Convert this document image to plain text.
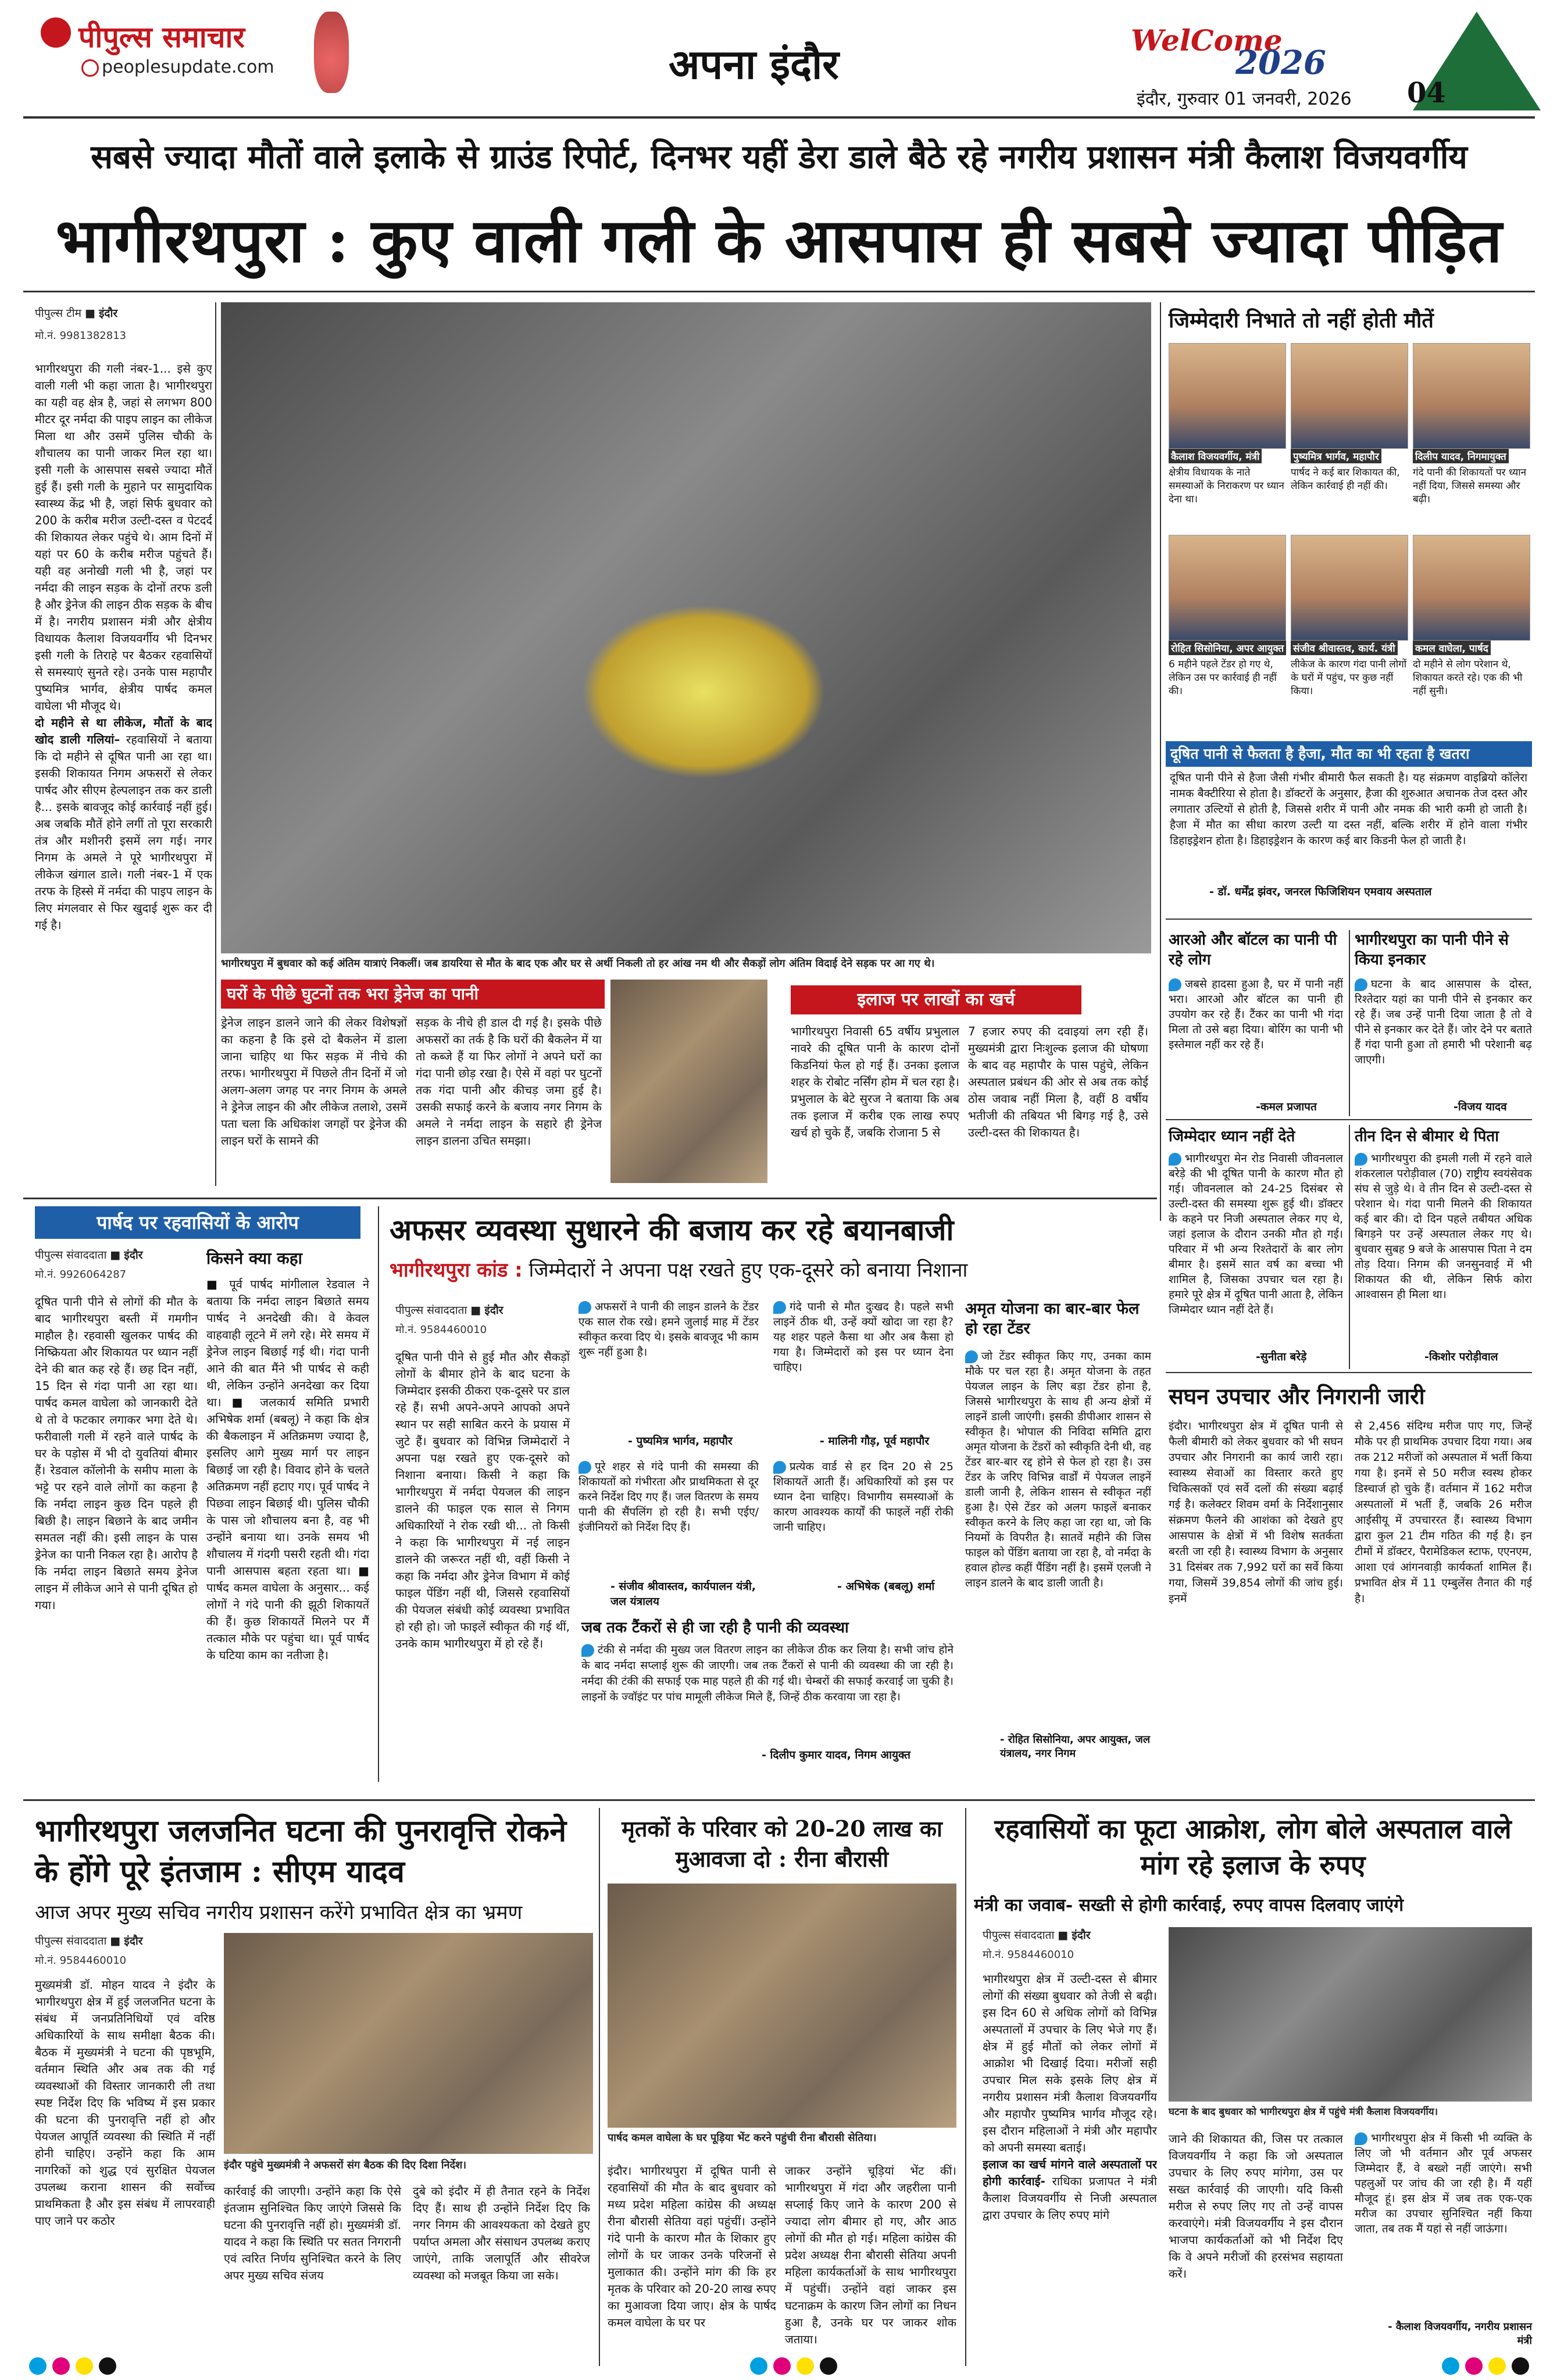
पीपुल्स समाचार
peoplesupdate.com	अपना इंदौर	WelCome
2026
इंदौर, गुरुवार 01 जनवरी, 2026 04
सबसे ज्यादा मौतों वाले इलाके से ग्राउंड रिपोर्ट, दिनभर यहीं डेरा डाले बैठे रहे नगरीय प्रशासन मंत्री कैलाश विजयवर्गीय
भागीरथपुरा : कुए वाली गली के आसपास ही सबसे ज्यादा पीड़ित
पीपुल्स टीम ■ इंदौर
मो.नं. 9981382813
भागीरथपुरा की गली नंबर-1... इसे कुए वाली गली भी कहा जाता है। भागीरथपुरा का यही वह क्षेत्र है, जहां से लगभग 800 मीटर दूर नर्मदा की पाइप लाइन का लीकेज मिला था और उसमें पुलिस चौकी के शौचालय का पानी जाकर मिल रहा था। इसी गली के आसपास सबसे ज्यादा मौतें हुई हैं। इसी गली के मुहाने पर सामुदायिक स्वास्थ्य केंद्र भी है, जहां सिर्फ बुधवार को 200 के करीब मरीज उल्टी-दस्त व पेटदर्द की शिकायत लेकर पहुंचे थे। आम दिनों में यहां पर 60 के करीब मरीज पहुंचते हैं। यही वह अनोखी गली भी है, जहां पर नर्मदा की लाइन सड़क के दोनों तरफ डली है और ड्रेनेज की लाइन ठीक सड़क के बीच में है। नगरीय प्रशासन मंत्री और क्षेत्रीय विधायक कैलाश विजयवर्गीय भी दिनभर इसी गली के तिराहे पर बैठकर रहवासियों से समस्याएं सुनते रहे। उनके पास महापौर पुष्यमित्र भार्गव, क्षेत्रीय पार्षद कमल वाघेला भी मौजूद थे।
दो महीने से था लीकेज, मौतों के बाद खोद डाली गलियां– रहवासियों ने बताया कि दो महीने से दूषित पानी आ रहा था। इसकी शिकायत निगम अफसरों से लेकर पार्षद और सीएम हेल्पलाइन तक कर डाली है... इसके बावजूद कोई कार्रवाई नहीं हुई। अब जबकि मौतें होने लगीं तो पूरा सरकारी तंत्र और मशीनरी इसमें लग गई। नगर निगम के अमले ने पूरे भागीरथपुरा में लीकेज खंगाल डाले। गली नंबर-1 में एक तरफ के हिस्से में नर्मदा की पाइप लाइन के लिए मंगलवार से फिर खुदाई शुरू कर दी गई है।
भागीरथपुरा में बुधवार को कई अंतिम यात्राएं निकलीं। जब डायरिया से मौत के बाद एक और घर से अर्थी निकली तो हर आंख नम थी और सैकड़ों लोग अंतिम विदाई देने सड़क पर आ गए थे।
घरों के पीछे घुटनों तक भरा ड्रेनेज का पानी
ड्रेनेज लाइन डालने जाने की लेकर विशेषज्ञों का कहना है कि इसे दो बैकलेन में डाला जाना चाहिए था फिर सड़क में नीचे की तरफ। भागीरथपुरा में पिछले तीन दिनों में जो अलग-अलग जगह पर नगर निगम के अमले ने ड्रेनेज लाइन की और लीकेज तलाशे, उसमें पता चला कि अधिकांश जगहों पर ड्रेनेज की लाइन घरों के सामने की
सड़क के नीचे ही डाल दी गई है। इसके पीछे अफसरों का तर्क है कि घरों की बैकलेन में या तो कब्जे हैं या फिर लोगों ने अपने घरों का गंदा पानी छोड़ रखा है। ऐसे में वहां पर घुटनों तक गंदा पानी और कीचड़ जमा हुई है। उसकी सफाई करने के बजाय नगर निगम के अमले ने नर्मदा लाइन के सहारे ही ड्रेनेज लाइन डालना उचित समझा।
इलाज पर लाखों का खर्च
भागीरथपुरा निवासी 65 वर्षीय प्रभुलाल नावरे की दूषित पानी के कारण दोनों किडनियां फेल हो गई हैं। उनका इलाज शहर के रोबोट नर्सिंग होम में चल रहा है। प्रभुलाल के बेटे सुरज ने बताया कि अब तक इलाज में करीब एक लाख रुपए खर्च हो चुके हैं, जबकि रोजाना 5 से
7 हजार रुपए की दवाइयां लग रही हैं। मुख्यमंत्री द्वारा निःशुल्क इलाज की घोषणा के बाद वह महापौर के पास पहुंचे, लेकिन अस्पताल प्रबंधन की ओर से अब तक कोई ठोस जवाब नहीं मिला है, वहीं 8 वर्षीय भतीजी की तबियत भी बिगड़ गई है, उसे उल्टी-दस्त की शिकायत है।
जिम्मेदारी निभाते तो नहीं होती मौतें
कैलाश विजयवर्गीय, मंत्री
क्षेत्रीय विधायक के नाते समस्याओं के निराकरण पर ध्यान देना था।
पुष्यमित्र भार्गव, महापौर
पार्षद ने कई बार शिकायत की, लेकिन कार्रवाई ही नहीं की।
दिलीप यादव, निगमायुक्त
गंदे पानी की शिकायतों पर ध्यान नहीं दिया, जिससे समस्या और बढ़ी।
रोहित सिसोनिया, अपर आयुक्त
6 महीने पहले टेंडर हो गए थे, लेकिन उस पर कार्रवाई ही नहीं की।
संजीव श्रीवास्तव, कार्य. यंत्री
लीकेज के कारण गंदा पानी लोगों के घरों में पहुंच, पर कुछ नहीं किया।
कमल वाघेला, पार्षद
दो महीने से लोग परेशान थे, शिकायत करते रहे। एक की भी नहीं सुनी।
दूषित पानी से फैलता है हैजा, मौत का भी रहता है खतरा
दूषित पानी पीने से हैजा जैसी गंभीर बीमारी फैल सकती है। यह संक्रमण वाइब्रियो कॉलेरा नामक बैक्टीरिया से होता है। डॉक्टरों के अनुसार, हैजा की शुरुआत अचानक तेज दस्त और लगातार उल्टियों से होती है, जिससे शरीर में पानी और नमक की भारी कमी हो जाती है। हैजा में मौत का सीधा कारण उल्टी या दस्त नहीं, बल्कि शरीर में होने वाला गंभीर डिहाइड्रेशन होता है। डिहाइड्रेशन के कारण कई बार किडनी फेल हो जाती है।
- डॉ. धर्मेंद्र झंवर, जनरल फिजिशियन एमवाय अस्पताल
आरओ और बॉटल का पानी पी रहे लोग
जबसे हादसा हुआ है, घर में पानी नहीं भरा। आरओ और बॉटल का पानी ही उपयोग कर रहे हैं। टैंकर का पानी भी गंदा मिला तो उसे बहा दिया। बोरिंग का पानी भी इस्तेमाल नहीं कर रहे हैं।
-कमल प्रजापत
भागीरथपुरा का पानी पीने से किया इनकार
घटना के बाद आसपास के दोस्त, रिश्तेदार यहां का पानी पीने से इनकार कर रहे हैं। जब उन्हें पानी दिया जाता है तो वे पीने से इनकार कर देते हैं। जोर देने पर बताते हैं गंदा पानी हुआ तो हमारी भी परेशानी बढ़ जाएगी।
-विजय यादव
जिम्मेदार ध्यान नहीं देते
भागीरथपुरा मेन रोड निवासी जीवनलाल बरेड़े की भी दूषित पानी के कारण मौत हो गई। जीवनलाल को 24-25 दिसंबर से उल्टी-दस्त की समस्या शुरू हुई थी। डॉक्टर के कहने पर निजी अस्पताल लेकर गए थे, जहां इलाज के दौरान उनकी मौत हो गई। परिवार में भी अन्य रिश्तेदारों के बार लोग बीमार है। इसमें सात वर्ष का बच्चा भी शामिल है, जिसका उपचार चल रहा है। हमारे पूरे क्षेत्र में दूषित पानी आता है, लेकिन जिम्मेदार ध्यान नहीं देते हैं।
-सुनीता बरेड़े
तीन दिन से बीमार थे पिता
भागीरथपुरा की इमली गली में रहने वाले शंकरलाल परोड़ीवाल (70) राष्ट्रीय स्वयंसेवक संघ से जुड़े थे। वे तीन दिन से उल्टी-दस्त से परेशान थे। गंदा पानी मिलने की शिकायत कई बार की। दो दिन पहले तबीयत अधिक बिगड़ने पर उन्हें अस्पताल लेकर गए थे। बुधवार सुबह 9 बजे के आसपास पिता ने दम तोड़ दिया। निगम की जनसुनवाई में भी शिकायत की थी, लेकिन सिर्फ कोरा आश्वासन ही मिला था।
-किशोर परोड़ीवाल
सघन उपचार और निगरानी जारी
इंदौर। भागीरथपुरा क्षेत्र में दूषित पानी से फैली बीमारी को लेकर बुधवार को भी सघन उपचार और निगरानी का कार्य जारी रहा। स्वास्थ्य सेवाओं का विस्तार करते हुए चिकित्सकों एवं सर्वे दलों की संख्या बढ़ाई गई है। कलेक्टर शिवम वर्मा के निर्देशानुसार संक्रमण फैलने की आशंका को देखते हुए आसपास के क्षेत्रों में भी विशेष सतर्कता बरती जा रही है। स्वास्थ्य विभाग के अनुसार 31 दिसंबर तक 7,992 घरों का सर्वे किया गया, जिसमें 39,854 लोगों की जांच हुई। इनमें
से 2,456 संदिग्ध मरीज पाए गए, जिन्हें मौके पर ही प्राथमिक उपचार दिया गया। अब तक 212 मरीजों को अस्पताल में भर्ती किया गया है। इनमें से 50 मरीज स्वस्थ होकर डिस्चार्ज हो चुके हैं। वर्तमान में 162 मरीज अस्पतालों में भर्ती हैं, जबकि 26 मरीज आईसीयू में उपचाररत हैं। स्वास्थ्य विभाग द्वारा कुल 21 टीम गठित की गई है। इन टीमों में डॉक्टर, पैरामेडिकल स्टाफ, एएनएम, आशा एवं आंगनवाड़ी कार्यकर्ता शामिल हैं। प्रभावित क्षेत्र में 11 एम्बुलेंस तैनात की गई है।
पार्षद पर रहवासियों के आरोप
पीपुल्स संवाददाता ■ इंदौर
मो.नं. 9926064287
दूषित पानी पीने से लोगों की मौत के बाद भागीरथपुरा बस्ती में गमगीन माहौल है। रहवासी खुलकर पार्षद की निष्क्रियता और शिकायत पर ध्यान नहीं देने की बात कह रहे हैं। छह दिन नहीं, 15 दिन से गंदा पानी आ रहा था। पार्षद कमल वाघेला को जानकारी देते थे तो वे फटकार लगाकर भगा देते थे। फरीवाली गली में रहने वाले पार्षद के घर के पड़ोस में भी दो युवतियां बीमार हैं। रेडवाल कॉलोनी के समीप माला के भट्टे पर रहने वाले लोगों का कहना है कि नर्मदा लाइन कुछ दिन पहले ही बिछी है। लाइन बिछाने के बाद जमीन समतल नहीं की। इसी लाइन के पास ड्रेनेज का पानी निकल रहा है। आरोप है कि नर्मदा लाइन बिछाते समय ड्रेनेज लाइन में लीकेज आने से पानी दूषित हो गया।
किसने क्या कहा
■ पूर्व पार्षद मांगीलाल रेडवाल ने बताया कि नर्मदा लाइन बिछाते समय पार्षद ने अनदेखी की। वे केवल वाहवाही लूटने में लगे रहे। मेरे समय में ड्रेनेज लाइन बिछाई गई थी। गंदा पानी आने की बात मैंने भी पार्षद से कही थी, लेकिन उन्होंने अनदेखा कर दिया था। ■ जलकार्य समिति प्रभारी अभिषेक शर्मा (बबलू) ने कहा कि क्षेत्र की बैकलाइन में अतिक्रमण ज्यादा है, इसलिए आगे मुख्य मार्ग पर लाइन बिछाई जा रही है। विवाद होने के चलते अतिक्रमण नहीं हटाए गए। पूर्व पार्षद ने पिछवा लाइन बिछाई थी। पुलिस चौकी के पास जो शौचालय बना है, वह भी उन्होंने बनाया था। उनके समय भी शौचालय में गंदगी पसरी रहती थी। गंदा पानी आसपास बहता रहता था। ■ पार्षद कमल वाघेला के अनुसार... कई लोगों ने गंदे पानी की झूठी शिकायतें की हैं। कुछ शिकायतें मिलने पर मैं तत्काल मौके पर पहुंचा था। पूर्व पार्षद के घटिया काम का नतीजा है।
अफसर व्यवस्था सुधारने की बजाय कर रहे बयानबाजी
भागीरथपुरा कांड : जिम्मेदारों ने अपना पक्ष रखते हुए एक-दूसरे को बनाया निशाना
पीपुल्स संवाददाता ■ इंदौर
मो.नं. 9584460010
दूषित पानी पीने से हुई मौत और सैकड़ों लोगों के बीमार होने के बाद घटना के जिम्मेदार इसकी ठीकरा एक-दूसरे पर डाल रहे हैं। सभी अपने-अपने आपको अपने स्थान पर सही साबित करने के प्रयास में जुटे हैं। बुधवार को विभिन्न जिम्मेदारों ने अपना पक्ष रखते हुए एक-दूसरे को निशाना बनाया। किसी ने कहा कि भागीरथपुरा में नर्मदा पेयजल की लाइन डालने की फाइल एक साल से निगम अधिकारियों ने रोक रखी थी... तो किसी ने कहा कि भागीरथपुरा में नई लाइन डालने की जरूरत नहीं थी, वहीं किसी ने कहा कि नर्मदा और ड्रेनेज विभाग में कोई फाइल पेंडिंग नहीं थी, जिससे रहवासियों की पेयजल संबंधी कोई व्यवस्था प्रभावित हो रही हो। जो फाइलें स्वीकृत की गई थीं, उनके काम भागीरथपुरा में हो रहे हैं।
अफसरों ने पानी की लाइन डालने के टेंडर एक साल रोक रखे। हमने जुलाई माह में टेंडर स्वीकृत करवा दिए थे। इसके बावजूद भी काम शुरू नहीं हुआ है।
- पुष्यमित्र भार्गव, महापौर
गंदे पानी से मौत दुःखद है। पहले सभी लाइनें ठीक थी, उन्हें क्यों खोदा जा रहा है? यह शहर पहले कैसा था और अब कैसा हो गया है। जिम्मेदारों को इस पर ध्यान देना चाहिए।
- मालिनी गौड़, पूर्व महापौर
पूरे शहर से गंदे पानी की समस्या की शिकायतों को गंभीरता और प्राथमिकता से दूर करने निर्देश दिए गए हैं। जल वितरण के समय पानी की सैंपलिंग हो रही है। सभी एईए/इंजीनियरों को निर्देश दिए हैं।
- संजीव श्रीवास्तव, कार्यपालन यंत्री, जल यंत्रालय
प्रत्येक वार्ड से हर दिन 20 से 25 शिकायतें आती हैं। अधिकारियों को इस पर ध्यान देना चाहिए। विभागीय समस्याओं के कारण आवश्यक कार्यों की फाइलें नहीं रोकी जानी चाहिए।
- अभिषेक (बबलू) शर्मा
अमृत योजना का बार-बार फेल हो रहा टेंडर
जो टेंडर स्वीकृत किए गए, उनका काम मौके पर चल रहा है। अमृत योजना के तहत पेयजल लाइन के लिए बड़ा टेंडर होना है, जिससे भागीरथपुरा के साथ ही अन्य क्षेत्रों में लाइनें डाली जाएंगी। इसकी डीपीआर शासन से स्वीकृत है। भोपाल की निविदा समिति द्वारा अमृत योजना के टेंडरों को स्वीकृति देनी थी, वह टेंडर बार-बार रद्द होने से फेल हो रहा है। उस टेंडर के जरिए विभिन्न वार्डों में पेयजल लाइनें डाली जानी है, लेकिन शासन से स्वीकृत नहीं हुआ है। ऐसे टेंडर को अलग फाइलें बनाकर स्वीकृत करने के लिए कहा जा रहा था, जो कि नियमों के विपरीत है। सातवें महीने की जिस फाइल को पेंडिंग बताया जा रहा है, वो नर्मदा के हवाल होल्ड कहीं पैंडिंग नहीं है। इसमें एलजी ने लाइन डालने के बाद डाली जाती है।
- रोहित सिसोनिया, अपर आयुक्त, जल यंत्रालय, नगर निगम
जब तक टैंकरों से ही जा रही है पानी की व्यवस्था
टंकी से नर्मदा की मुख्य जल वितरण लाइन का लीकेज ठीक कर लिया है। सभी जांच होने के बाद नर्मदा सप्लाई शुरू की जाएगी। जब तक टैंकरों से पानी की व्यवस्था की जा रही है। नर्मदा की टंकी की सफाई एक माह पहले ही की गई थी। चेम्बरों की सफाई करवाई जा चुकी है। लाइनों के ज्वॉइंट पर पांच मामूली लीकेज मिले हैं, जिन्हें ठीक करवाया जा रहा है।
- दिलीप कुमार यादव, निगम आयुक्त
भागीरथपुरा जलजनित घटना की पुनरावृत्ति रोकने के होंगे पूरे इंतजाम : सीएम यादव
आज अपर मुख्य सचिव नगरीय प्रशासन करेंगे प्रभावित क्षेत्र का भ्रमण
पीपुल्स संवाददाता ■ इंदौर
मो.नं. 9584460010
मुख्यमंत्री डॉ. मोहन यादव ने इंदौर के भागीरथपुरा क्षेत्र में हुई जलजनित घटना के संबंध में जनप्रतिनिधियों एवं वरिष्ठ अधिकारियों के साथ समीक्षा बैठक की। बैठक में मुख्यमंत्री ने घटना की पृष्ठभूमि, वर्तमान स्थिति और अब तक की गई व्यवस्थाओं की विस्तार जानकारी ली तथा स्पष्ट निर्देश दिए कि भविष्य में इस प्रकार की घटना की पुनरावृत्ति नहीं हो और पेयजल आपूर्ति व्यवस्था की स्थिति में नहीं होनी चाहिए। उन्होंने कहा कि आम नागरिकों को शुद्ध एवं सुरक्षित पेयजल उपलब्ध कराना शासन की सर्वोच्च प्राथमिकता है और इस संबंध में लापरवाही पाए जाने पर कठोर
इंदौर पहुंचे मुख्यमंत्री ने अफसरों संग बैठक की दिए दिशा निर्देश।
कार्रवाई की जाएगी। उन्होंने कहा कि ऐसे इंतजाम सुनिश्चित किए जाएंगे जिससे कि घटना की पुनरावृत्ति नहीं हो। मुख्यमंत्री डॉ. यादव ने कहा कि स्थिति पर सतत निगरानी एवं त्वरित निर्णय सुनिश्चित करने के लिए अपर मुख्य सचिव संजय
दुबे को इंदौर में ही तैनात रहने के निर्देश दिए हैं। साथ ही उन्होंने निर्देश दिए कि नगर निगम की आवश्यकता को देखते हुए पर्याप्त अमला और संसाधन उपलब्ध कराए जाएंगे, ताकि जलापूर्ति और सीवरेज व्यवस्था को मजबूत किया जा सके।
मृतकों के परिवार को 20-20 लाख का मुआवजा दो : रीना बौरासी
पार्षद कमल वाघेला के घर पूड़िया भेंट करने पहुंची रीना बौरासी सेतिया।
इंदौर। भागीरथपुरा में दूषित पानी से रहवासियों की मौत के बाद बुधवार को मध्य प्रदेश महिला कांग्रेस की अध्यक्ष रीना बौरासी सेतिया वहां पहुंचीं। उन्होंने गंदे पानी के कारण मौत के शिकार हुए लोगों के घर जाकर उनके परिजनों से मुलाकात की। उन्होंने मांग की कि हर मृतक के परिवार को 20-20 लाख रुपए का मुआवजा दिया जाए। क्षेत्र के पार्षद कमल वाघेला के घर पर
जाकर उन्होंने चूड़ियां भेंट कीं। भागीरथपुरा में गंदा और जहरीला पानी सप्लाई किए जाने के कारण 200 से ज्यादा लोग बीमार हो गए, और आठ लोगों की मौत हो गई। महिला कांग्रेस की प्रदेश अध्यक्ष रीना बौरासी सेतिया अपनी महिला कार्यकर्ताओं के साथ भागीरथपुरा में पहुंचीं। उन्होंने वहां जाकर इस घटनाक्रम के कारण जिन लोगों का निधन हुआ है, उनके घर पर जाकर शोक जताया।
रहवासियों का फूटा आक्रोश, लोग बोले अस्पताल वाले मांग रहे इलाज के रुपए
मंत्री का जवाब- सख्ती से होगी कार्रवाई, रुपए वापस दिलवाए जाएंगे
पीपुल्स संवाददाता ■ इंदौर
मो.नं. 9584460010
भागीरथपुरा क्षेत्र में उल्टी-दस्त से बीमार लोगों की संख्या बुधवार को तेजी से बढ़ी। इस दिन 60 से अधिक लोगों को विभिन्न अस्पतालों में उपचार के लिए भेजे गए हैं। क्षेत्र में हुई मौतों को लेकर लोगों में आक्रोश भी दिखाई दिया। मरीजों सही उपचार मिल सके इसके लिए क्षेत्र में नगरीय प्रशासन मंत्री कैलाश विजयवर्गीय और महापौर पुष्यमित्र भार्गव मौजूद रहे। इस दौरान महिलाओं ने मंत्री और महापौर को अपनी समस्या बताई।
इलाज का खर्च मांगने वाले अस्पतालों पर होगी कार्रवाई- राधिका प्रजापत ने मंत्री कैलाश विजयवर्गीय से निजी अस्पताल द्वारा उपचार के लिए रुपए मांगे
घटना के बाद बुधवार को भागीरथपुरा क्षेत्र में पहुंचे मंत्री कैलाश विजयवर्गीय।
जाने की शिकायत की, जिस पर तत्काल विजयवर्गीय ने कहा कि जो अस्पताल उपचार के लिए रुपए मांगेगा, उस पर सख्त कार्रवाई की जाएगी। यदि किसी मरीज से रुपए लिए गए तो उन्हें वापस करवाएंगे। मंत्री विजयवर्गीय ने इस दौरान भाजपा कार्यकर्ताओं को भी निर्देश दिए कि वे अपने मरीजों की हरसंभव सहायता करें।
भागीरथपुरा क्षेत्र में किसी भी व्यक्ति के लिए जो भी वर्तमान और पूर्व अफसर जिम्मेदार हैं, वे बख्शे नहीं जाएंगे। सभी पहलुओं पर जांच की जा रही है। मैं यहीं मौजूद हूं। इस क्षेत्र में जब तक एक-एक मरीज का उपचार सुनिश्चित नहीं किया जाता, तब तक मैं यहां से नहीं जाऊंगा।
- कैलाश विजयवर्गीय, नगरीय प्रशासन मंत्री
